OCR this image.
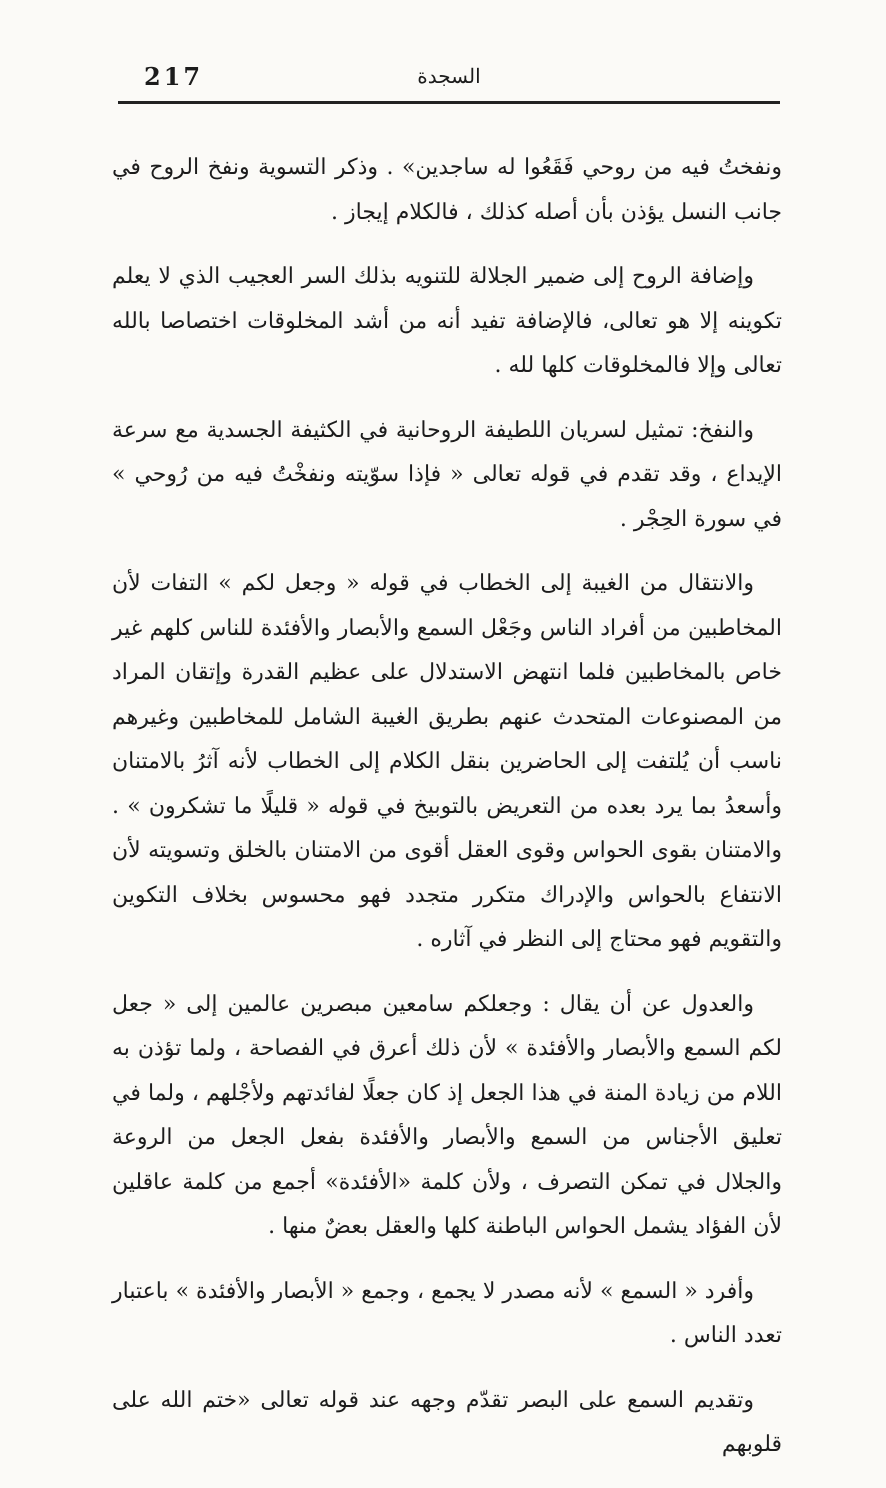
217	السجدة

ونفختُ فيه من روحي فَقَعُوا له ساجدين» . وذكر التسوية ونفخ الروح في جانب النسل يؤذن بأن أصله كذلك ، فالكلام إيجاز .

وإضافة الروح إلى ضمير الجلالة للتنويه بذلك السر العجيب الذي لا يعلم تكوينه إلا هو تعالى، فالإضافة تفيد أنه من أشد المخلوقات اختصاصا بالله تعالى وإلا فالمخلوقات كلها لله .

والنفخ: تمثيل لسريان اللطيفة الروحانية في الكثيفة الجسدية مع سرعة الإيداع ، وقد تقدم في قوله تعالى « فإذا سوّيته ونفخْتُ فيه من رُوحي » في سورة الحِجْر .

والانتقال من الغيبة إلى الخطاب في قوله « وجعل لكم » التفات لأن المخاطبين من أفراد الناس وجَعْل السمع والأبصار والأفئدة للناس كلهم غير خاص بالمخاطبين فلما انتهض الاستدلال على عظيم القدرة وإتقان المراد من المصنوعات المتحدث عنهم بطريق الغيبة الشامل للمخاطبين وغيرهم ناسب أن يُلتفت إلى الحاضرين بنقل الكلام إلى الخطاب لأنه آثرُ بالامتنان وأسعدُ بما يرد بعده من التعريض بالتوبيخ في قوله « قليلًا ما تشكرون » . والامتنان بقوى الحواس وقوى العقل أقوى من الامتنان بالخلق وتسويته لأن الانتفاع بالحواس والإدراك متكرر متجدد فهو محسوس بخلاف التكوين والتقويم فهو محتاج إلى النظر في آثاره .

والعدول عن أن يقال : وجعلكم سامعين مبصرين عالمين إلى « جعل لكم السمع والأبصار والأفئدة » لأن ذلك أعرق في الفصاحة ، ولما تؤذن به اللام من زيادة المنة في هذا الجعل إذ كان جعلًا لفائدتهم ولأجْلهم ، ولما في تعليق الأجناس من السمع والأبصار والأفئدة بفعل الجعل من الروعة والجلال في تمكن التصرف ، ولأن كلمة «الأفئدة» أجمع من كلمة عاقلين لأن الفؤاد يشمل الحواس الباطنة كلها والعقل بعضٌ منها .

وأفرد « السمع » لأنه مصدر لا يجمع ، وجمع « الأبصار والأفئدة » باعتبار تعدد الناس .

وتقديم السمع على البصر تقدّم وجهه عند قوله تعالى «ختم الله على قلوبهم
